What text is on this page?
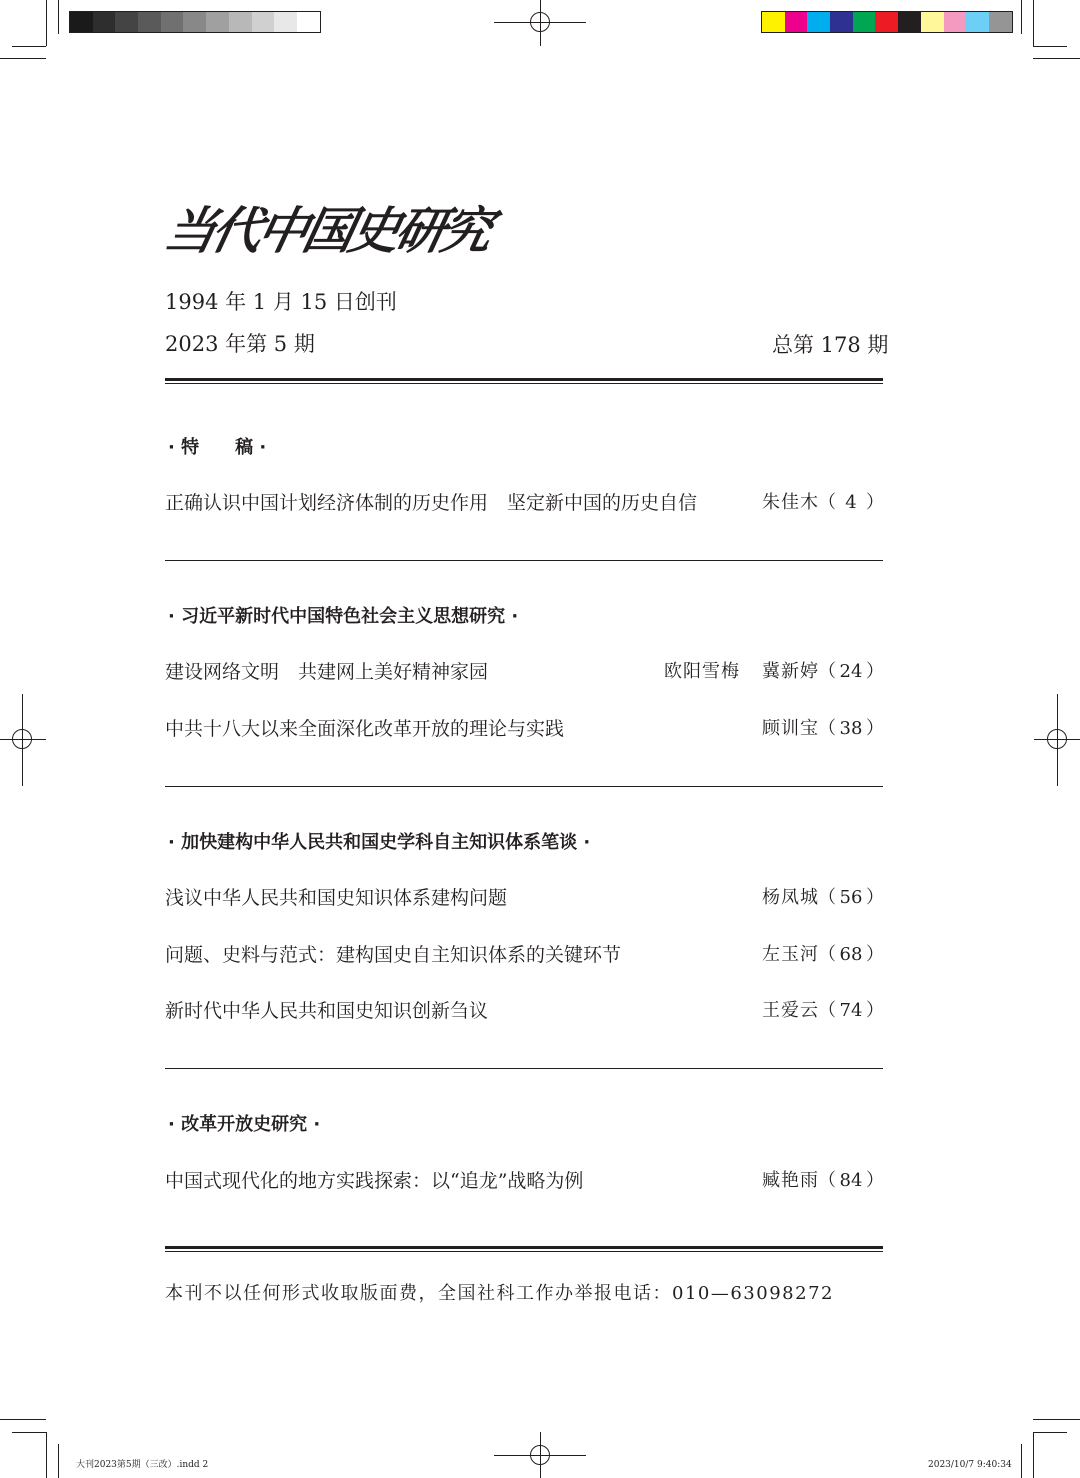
当代中国史研究
1994 年 1 月 15 日创刊
2023 年第 5 期	总第 178 期
· 特　　稿 ·
正确认识中国计划经济体制的历史作用　坚定新中国的历史自信	朱佳木 （ 4 ）
· 习近平新时代中国特色社会主义思想研究 ·
建设网络文明　共建网上美好精神家园	欧阳雪梅 冀新婷 （ 24 ）
中共十八大以来全面深化改革开放的理论与实践	顾训宝 （ 38 ）
· 加快建构中华人民共和国史学科自主知识体系笔谈 ·
浅议中华人民共和国史知识体系建构问题	杨凤城 （ 56 ）
问题、史料与范式：建构国史自主知识体系的关键环节	左玉河 （ 68 ）
新时代中华人民共和国史知识创新刍议	王爱云 （ 74 ）
· 改革开放史研究 ·
中国式现代化的地方实践探索：以“追龙”战略为例	臧艳雨 （ 84 ）
本刊不以任何形式收取版面费，全国社科工作办举报电话：010—63098272
大刊2023第5期（三改）.indd 2	2023/10/7 9:40:34
